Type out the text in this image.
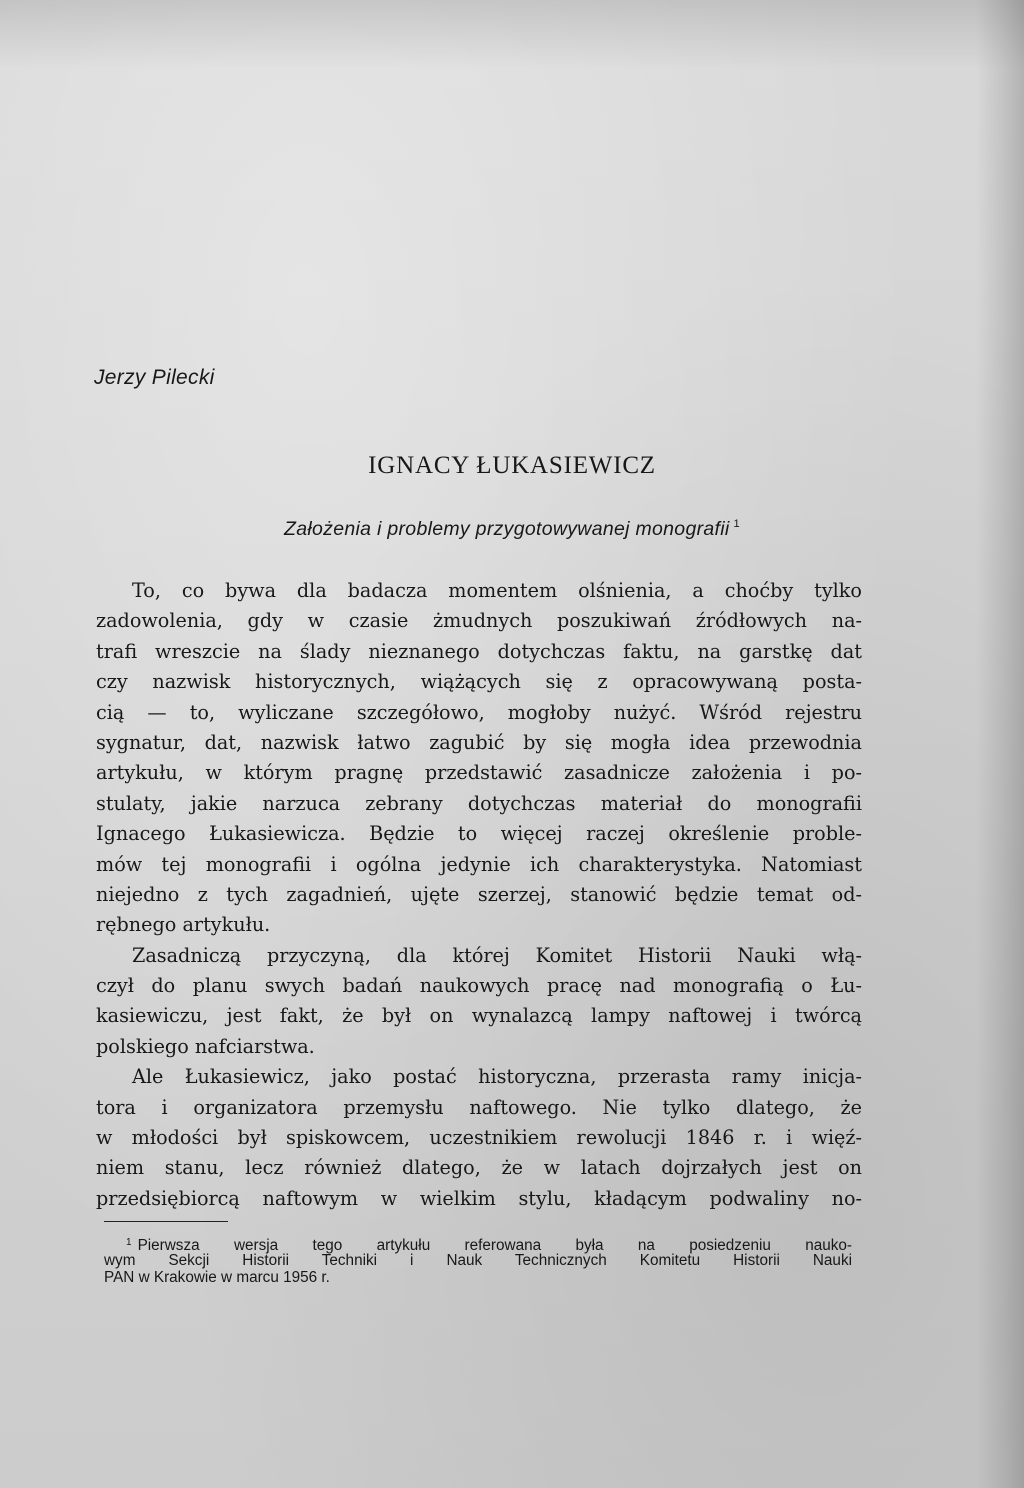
Jerzy Pilecki

IGNACY ŁUKASIEWICZ

Założenia i problemy przygotowywanej monografii $^1$

To, co bywa dla badacza momentem olśnienia, a choćby tylko
zadowolenia, gdy w czasie żmudnych poszukiwań źródłowych na-
trafi wreszcie na ślady nieznanego dotychczas faktu, na garstkę dat
czy nazwisk historycznych, wiążących się z opracowywaną posta-
cią — to, wyliczane szczegółowo, mogłoby nużyć. Wśród rejestru
sygnatur, dat, nazwisk łatwo zagubić by się mogła idea przewodnia
artykułu, w którym pragnę przedstawić zasadnicze założenia i po-
stulaty, jakie narzuca zebrany dotychczas materiał do monografii
Ignacego Łukasiewicza. Będzie to więcej raczej określenie proble-
mów tej monografii i ogólna jedynie ich charakterystyka. Natomiast
niejedno z tych zagadnień, ujęte szerzej, stanowić będzie temat od-
rębnego artykułu.
Zasadniczą przyczyną, dla której Komitet Historii Nauki włą-
czył do planu swych badań naukowych pracę nad monografią o Łu-
kasiewiczu, jest fakt, że był on wynalazcą lampy naftowej i twórcą
polskiego nafciarstwa.
Ale Łukasiewicz, jako postać historyczna, przerasta ramy inicja-
tora i organizatora przemysłu naftowego. Nie tylko dlatego, że
w młodości był spiskowcem, uczestnikiem rewolucji 1846 r. i więź-
niem stanu, lecz również dlatego, że w latach dojrzałych jest on
przedsiębiorcą naftowym w wielkim stylu, kładącym podwaliny no-
$^1$ Pierwsza wersja tego artykułu referowana była na posiedzeniu nauko-
wym Sekcji Historii Techniki i Nauk Technicznych Komitetu Historii Nauki
PAN w Krakowie w marcu 1956 r.
